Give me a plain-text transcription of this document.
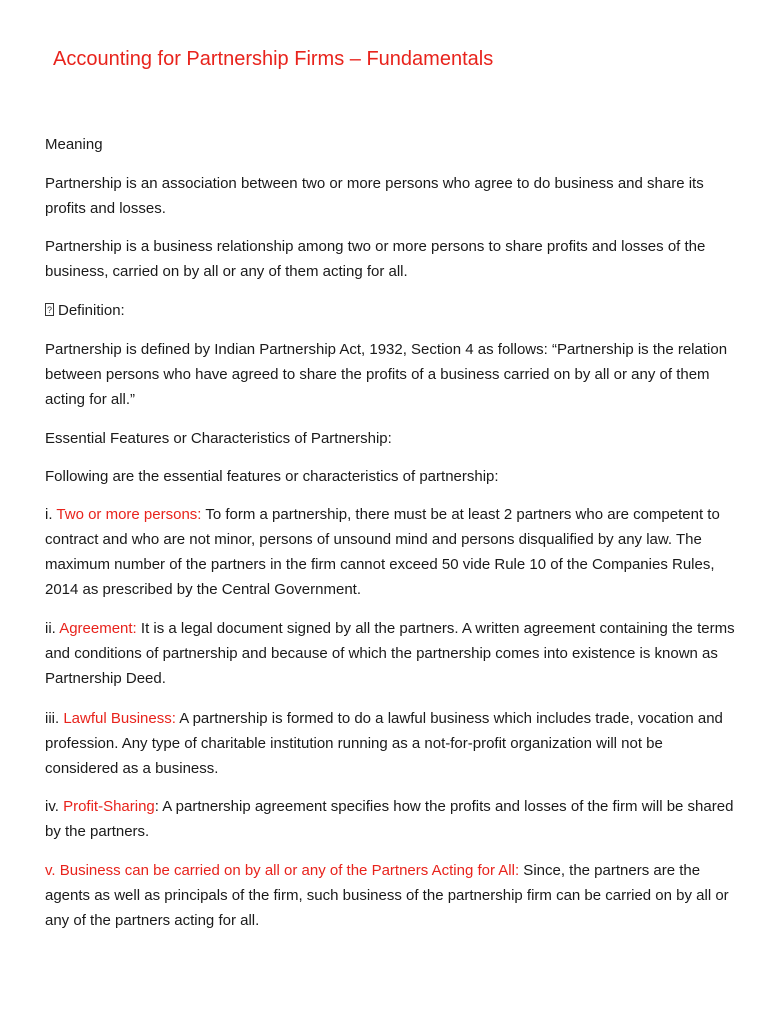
Accounting for Partnership Firms – Fundamentals

Meaning

Partnership is an association between two or more persons who agree to do business and share its profits and losses.

Partnership is a business relationship among two or more persons to share profits and losses of the business, carried on by all or any of them acting for all.

?Definition:

Partnership is defined by Indian Partnership Act, 1932, Section 4 as follows: “Partnership is the relation between persons who have agreed to share the profits of a business carried on by all or any of them acting for all.”

Essential Features or Characteristics of Partnership:

Following are the essential features or characteristics of partnership:

i. Two or more persons: To form a partnership, there must be at least 2 partners who are competent to contract and who are not minor, persons of unsound mind and persons disqualified by any law. The maximum number of the partners in the firm cannot exceed 50 vide Rule 10 of the Companies Rules, 2014 as prescribed by the Central Government.

ii. Agreement: It is a legal document signed by all the partners. A written agreement containing the terms and conditions of partnership and because of which the partnership comes into existence is known as Partnership Deed.

iii. Lawful Business: A partnership is formed to do a lawful business which includes trade, vocation and profession. Any type of charitable institution running as a not-for-profit organization will not be considered as a business.

iv. Profit-Sharing: A partnership agreement specifies how the profits and losses of the firm will be shared by the partners.

v. Business can be carried on by all or any of the Partners Acting for All: Since, the partners are the agents as well as principals of the firm, such business of the partnership firm can be carried on by all or any of the partners acting for all.
